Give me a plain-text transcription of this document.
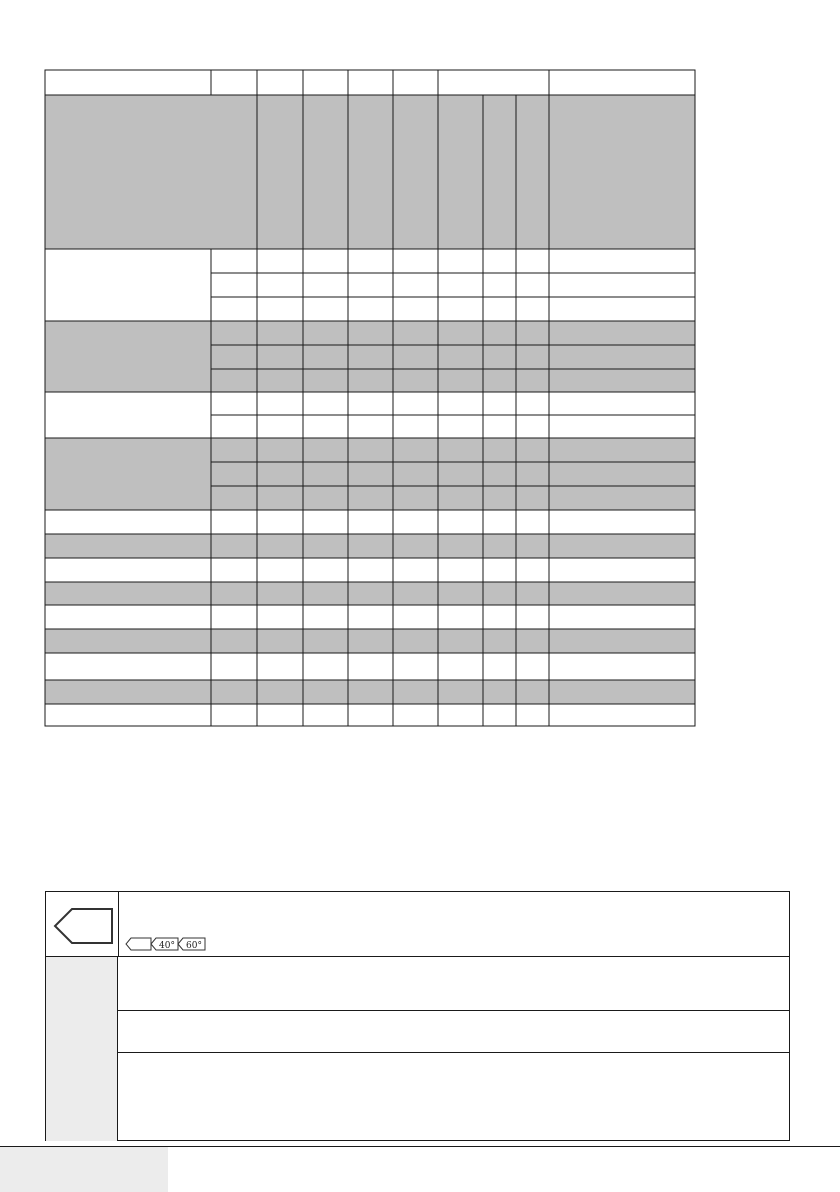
40° 60°
